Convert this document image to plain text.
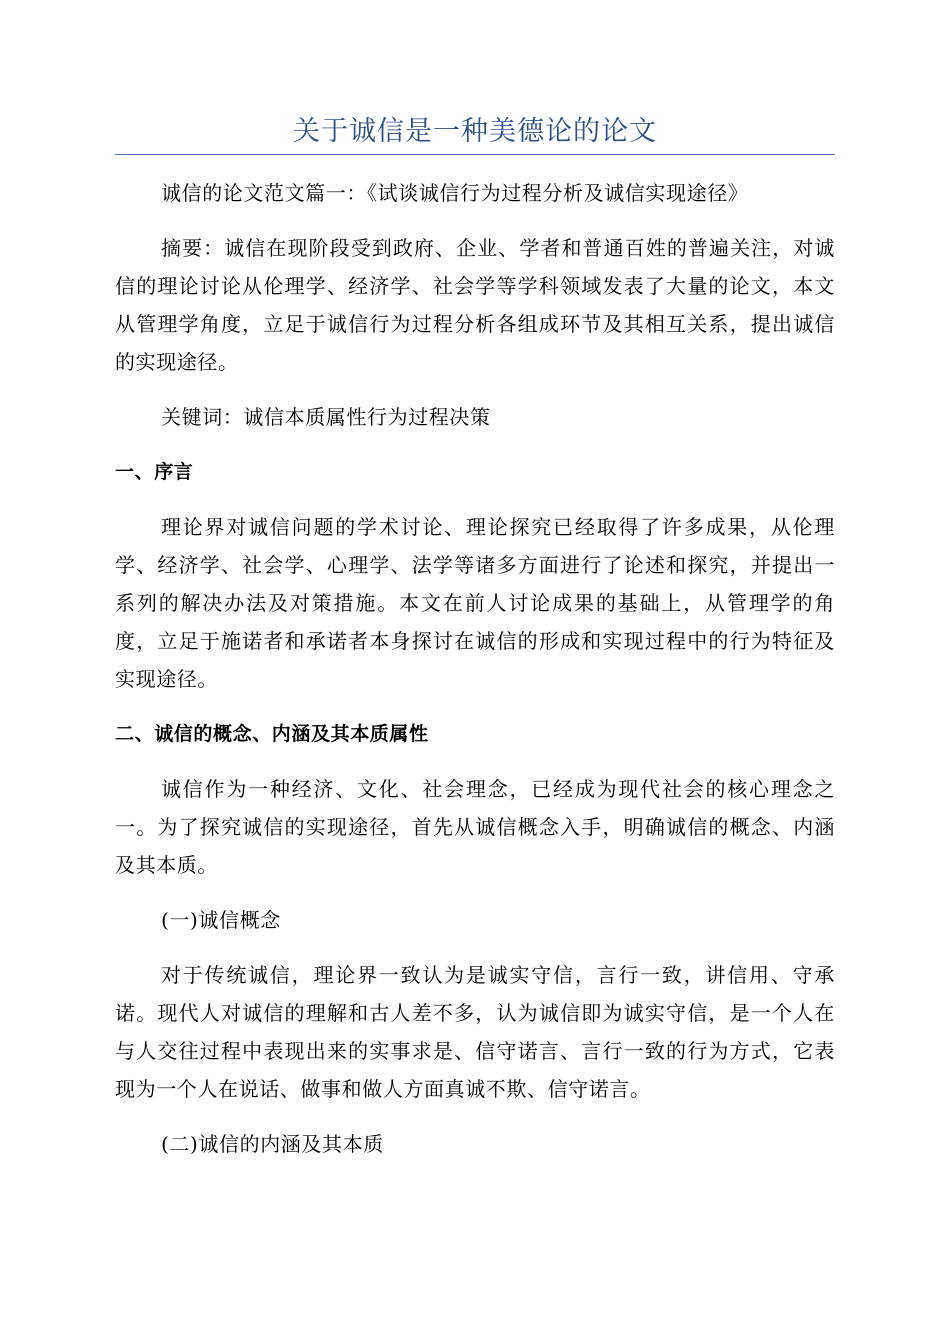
关于诚信是一种美德论的论文

诚信的论文范文篇一：《试谈诚信行为过程分析及诚信实现途径》

摘要：诚信在现阶段受到政府、企业、学者和普通百姓的普遍关注，对诚信的理论讨论从伦理学、经济学、社会学等学科领域发表了大量的论文，本文从管理学角度，立足于诚信行为过程分析各组成环节及其相互关系，提出诚信的实现途径。

关键词：诚信本质属性行为过程决策

一、序言

理论界对诚信问题的学术讨论、理论探究已经取得了许多成果，从伦理学、经济学、社会学、心理学、法学等诸多方面进行了论述和探究，并提出一系列的解决办法及对策措施。本文在前人讨论成果的基础上，从管理学的角度，立足于施诺者和承诺者本身探讨在诚信的形成和实现过程中的行为特征及实现途径。

二、诚信的概念、内涵及其本质属性

诚信作为一种经济、文化、社会理念，已经成为现代社会的核心理念之一。为了探究诚信的实现途径，首先从诚信概念入手，明确诚信的概念、内涵及其本质。

(一)诚信概念

对于传统诚信，理论界一致认为是诚实守信，言行一致，讲信用、守承诺。现代人对诚信的理解和古人差不多，认为诚信即为诚实守信，是一个人在与人交往过程中表现出来的实事求是、信守诺言、言行一致的行为方式，它表现为一个人在说话、做事和做人方面真诚不欺、信守诺言。

(二)诚信的内涵及其本质
